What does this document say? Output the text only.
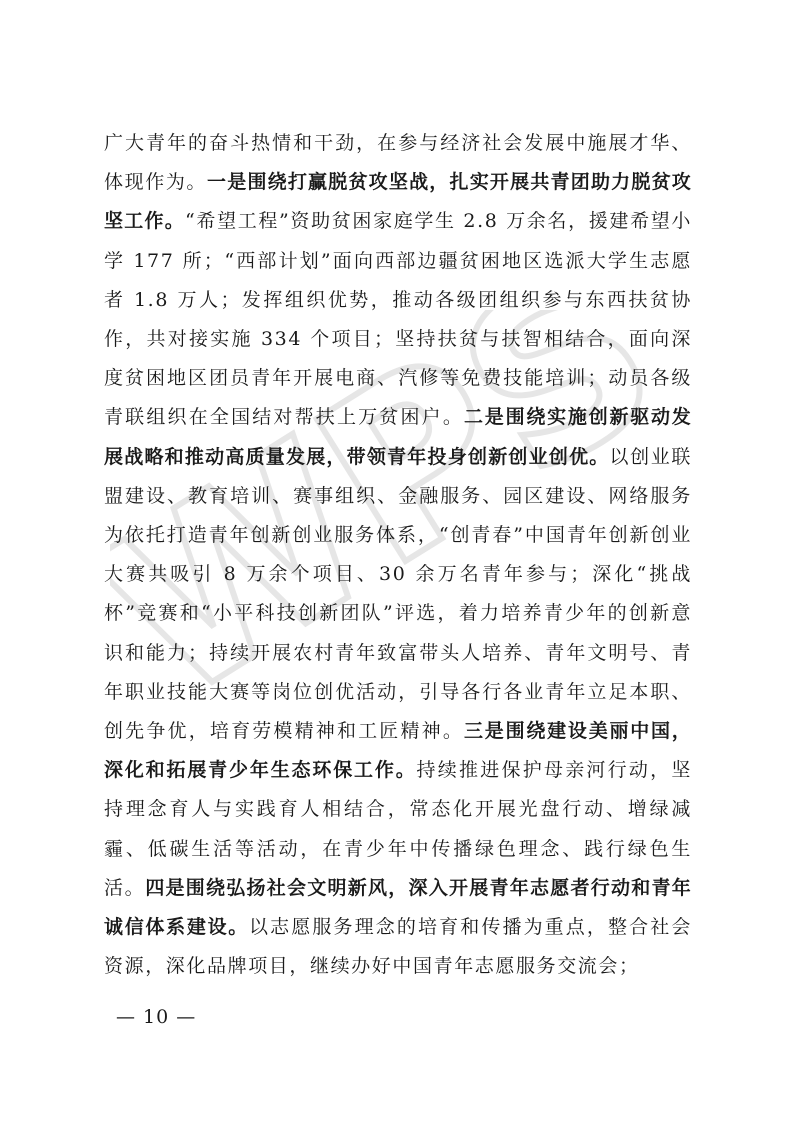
WPS

广大青年的奋斗热情和干劲，在参与经济社会发展中施展才华、体现作为。一是围绕打赢脱贫攻坚战，扎实开展共青团助力脱贫攻坚工作。“希望工程”资助贫困家庭学生 2.8 万余名，援建希望小学 177 所；“西部计划”面向西部边疆贫困地区选派大学生志愿者 1.8 万人；发挥组织优势，推动各级团组织参与东西扶贫协作，共对接实施 334 个项目；坚持扶贫与扶智相结合，面向深度贫困地区团员青年开展电商、汽修等免费技能培训；动员各级青联组织在全国结对帮扶上万贫困户。二是围绕实施创新驱动发展战略和推动高质量发展，带领青年投身创新创业创优。以创业联盟建设、教育培训、赛事组织、金融服务、园区建设、网络服务为依托打造青年创新创业服务体系，“创青春”中国青年创新创业大赛共吸引 8 万余个项目、30 余万名青年参与；深化“挑战杯”竞赛和“小平科技创新团队”评选，着力培养青少年的创新意识和能力；持续开展农村青年致富带头人培养、青年文明号、青年职业技能大赛等岗位创优活动，引导各行各业青年立足本职、创先争优，培育劳模精神和工匠精神。三是围绕建设美丽中国，深化和拓展青少年生态环保工作。持续推进保护母亲河行动，坚持理念育人与实践育人相结合，常态化开展光盘行动、增绿减霾、低碳生活等活动，在青少年中传播绿色理念、践行绿色生活。四是围绕弘扬社会文明新风，深入开展青年志愿者行动和青年诚信体系建设。以志愿服务理念的培育和传播为重点，整合社会资源，深化品牌项目，继续办好中国青年志愿服务交流会；

— 10 —
